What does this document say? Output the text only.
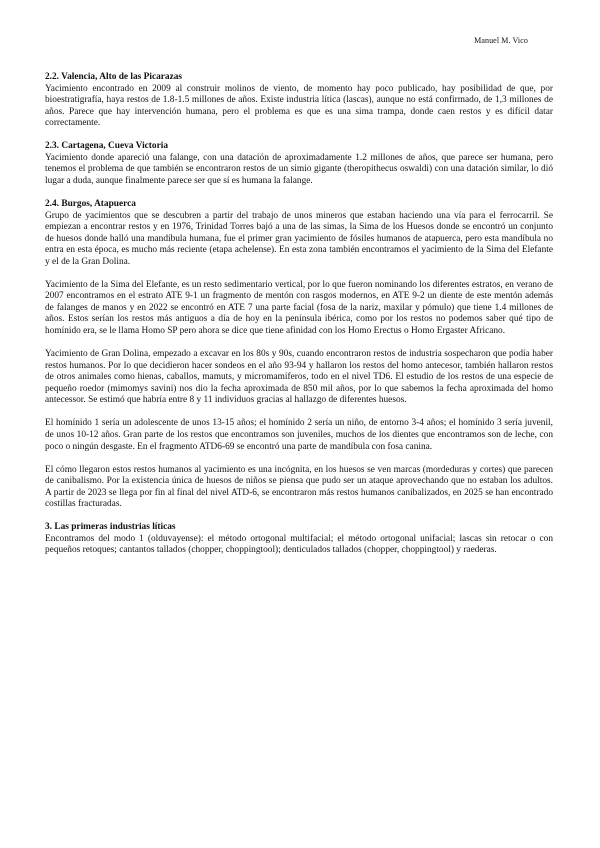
Manuel M. Vico
2.2. Valencia, Alto de las Picarazas

Yacimiento encontrado en 2009 al construir molinos de viento, de momento hay poco publicado, hay posibilidad de que, por bioestratigrafía, haya restos de 1.8-1.5 millones de años. Existe industria lítica (lascas), aunque no está confirmado, de 1,3 millones de años. Parece que hay intervención humana, pero el problema es que es una sima trampa, donde caen restos y es difícil datar correctamente.

2.3. Cartagena, Cueva Victoria

Yacimiento donde apareció una falange, con una datación de aproximadamente 1.2 millones de años, que parece ser humana, pero tenemos el problema de que también se encontraron restos de un simio gigante (theropithecus oswaldi) con una datación similar, lo dió lugar a duda, aunque finalmente parece ser que sí es humana la falange.

2.4. Burgos, Atapuerca

Grupo de yacimientos que se descubren a partir del trabajo de unos mineros que estaban haciendo una vía para el ferrocarril. Se empiezan a encontrar restos y en 1976, Trinidad Torres bajó a una de las simas, la Sima de los Huesos donde se encontró un conjunto de huesos donde halló una mandíbula humana, fue el primer gran yacimiento de fósiles humanos de atapuerca, pero esta mandíbula no entra en esta época, es mucho más reciente (etapa achelense). En esta zona también encontramos el yacimiento de la Sima del Elefante y el de la Gran Dolina.

Yacimiento de la Sima del Elefante, es un resto sedimentario vertical, por lo que fueron nominando los diferentes estratos, en verano de 2007 encontramos en el estrato ATE 9-1 un fragmento de mentón con rasgos modernos, en ATE 9-2 un diente de este mentón además de falanges de manos y en 2022 se encontró en ATE 7 una parte facial (fosa de la nariz, maxilar y pómulo) que tiene 1.4 millones de años. Estos serían los restos más antiguos a día de hoy en la península ibérica, como por los restos no podemos saber qué tipo de homínido era, se le llama Homo SP pero ahora se dice que tiene afinidad con los Homo Erectus o Homo Ergaster Africano.

Yacimiento de Gran Dolina, empezado a excavar en los 80s y 90s, cuando encontraron restos de industria sospecharon que podía haber restos humanos. Por lo que decidieron hacer sondeos en el año 93-94 y hallaron los restos del homo antecesor, también hallaron restos de otros animales como hienas, caballos, mamuts, y micromamíferos, todo en el nivel TD6. El estudio de los restos de una especie de pequeño roedor (mimomys savini) nos dio la fecha aproximada de 850 mil años, por lo que sabemos la fecha aproximada del homo antecessor. Se estimó que habría entre 8 y 11 individuos gracias al hallazgo de diferentes huesos.

El homínido 1 sería un adolescente de unos 13-15 años; el homínido 2 sería un niño, de entorno 3-4 años; el homínido 3 sería juvenil, de unos 10-12 años. Gran parte de los restos que encontramos son juveniles, muchos de los dientes que encontramos son de leche, con poco o ningún desgaste. En el fragmento ATD6-69 se encontró una parte de mandíbula con fosa canina.

El cómo llegaron estos restos humanos al yacimiento es una incógnita, en los huesos se ven marcas (mordeduras y cortes) que parecen de canibalismo. Por la existencia única de huesos de niños se piensa que pudo ser un ataque aprovechando que no estaban los adultos. A partir de 2023 se llega por fin al final del nivel ATD-6, se encontraron más restos humanos canibalizados, en 2025 se han encontrado costillas fracturadas.

3. Las primeras industrias líticas

Encontramos del modo 1 (olduvayense): el método ortogonal multifacial; el método ortogonal unifacial; lascas sin retocar o con pequeños retoques; cantantos tallados (chopper, choppingtool); denticulados tallados (chopper, choppingtool) y raederas.
